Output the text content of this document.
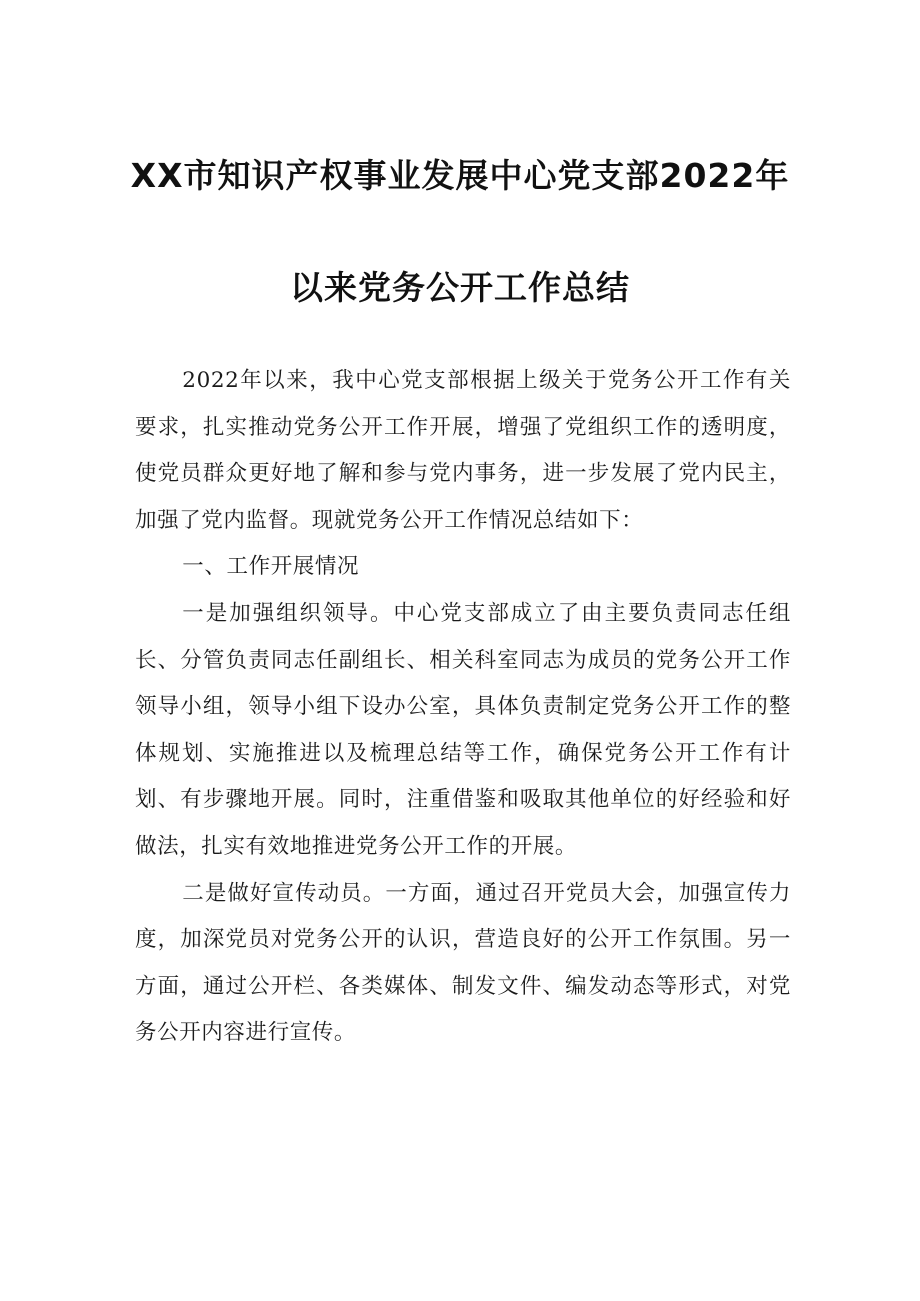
XX市知识产权事业发展中心党支部2022年
以来党务公开工作总结

2022年以来，我中心党支部根据上级关于党务公开工作有关要求，扎实推动党务公开工作开展，增强了党组织工作的透明度，使党员群众更好地了解和参与党内事务，进一步发展了党内民主，加强了党内监督。现就党务公开工作情况总结如下：

一、工作开展情况

一是加强组织领导。中心党支部成立了由主要负责同志任组长、分管负责同志任副组长、相关科室同志为成员的党务公开工作领导小组，领导小组下设办公室，具体负责制定党务公开工作的整体规划、实施推进以及梳理总结等工作，确保党务公开工作有计划、有步骤地开展。同时，注重借鉴和吸取其他单位的好经验和好做法，扎实有效地推进党务公开工作的开展。

二是做好宣传动员。一方面，通过召开党员大会，加强宣传力度，加深党员对党务公开的认识，营造良好的公开工作氛围。另一方面，通过公开栏、各类媒体、制发文件、编发动态等形式，对党务公开内容进行宣传。
